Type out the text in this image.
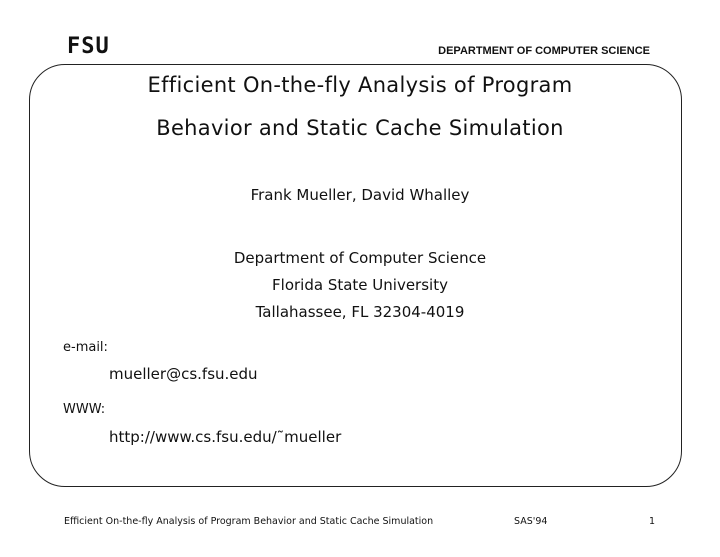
FSU	DEPARTMENT OF COMPUTER SCIENCE
Efficient On-the-fly Analysis of Program
Behavior and Static Cache Simulation
Frank Mueller, David Whalley
Department of Computer Science
Florida State University
Tallahassee, FL 32304-4019
e-mail:
mueller@cs.fsu.edu
WWW:
http://www.cs.fsu.edu/˜mueller
Efficient On-the-fly Analysis of Program Behavior and Static Cache Simulation	SAS'94	1
